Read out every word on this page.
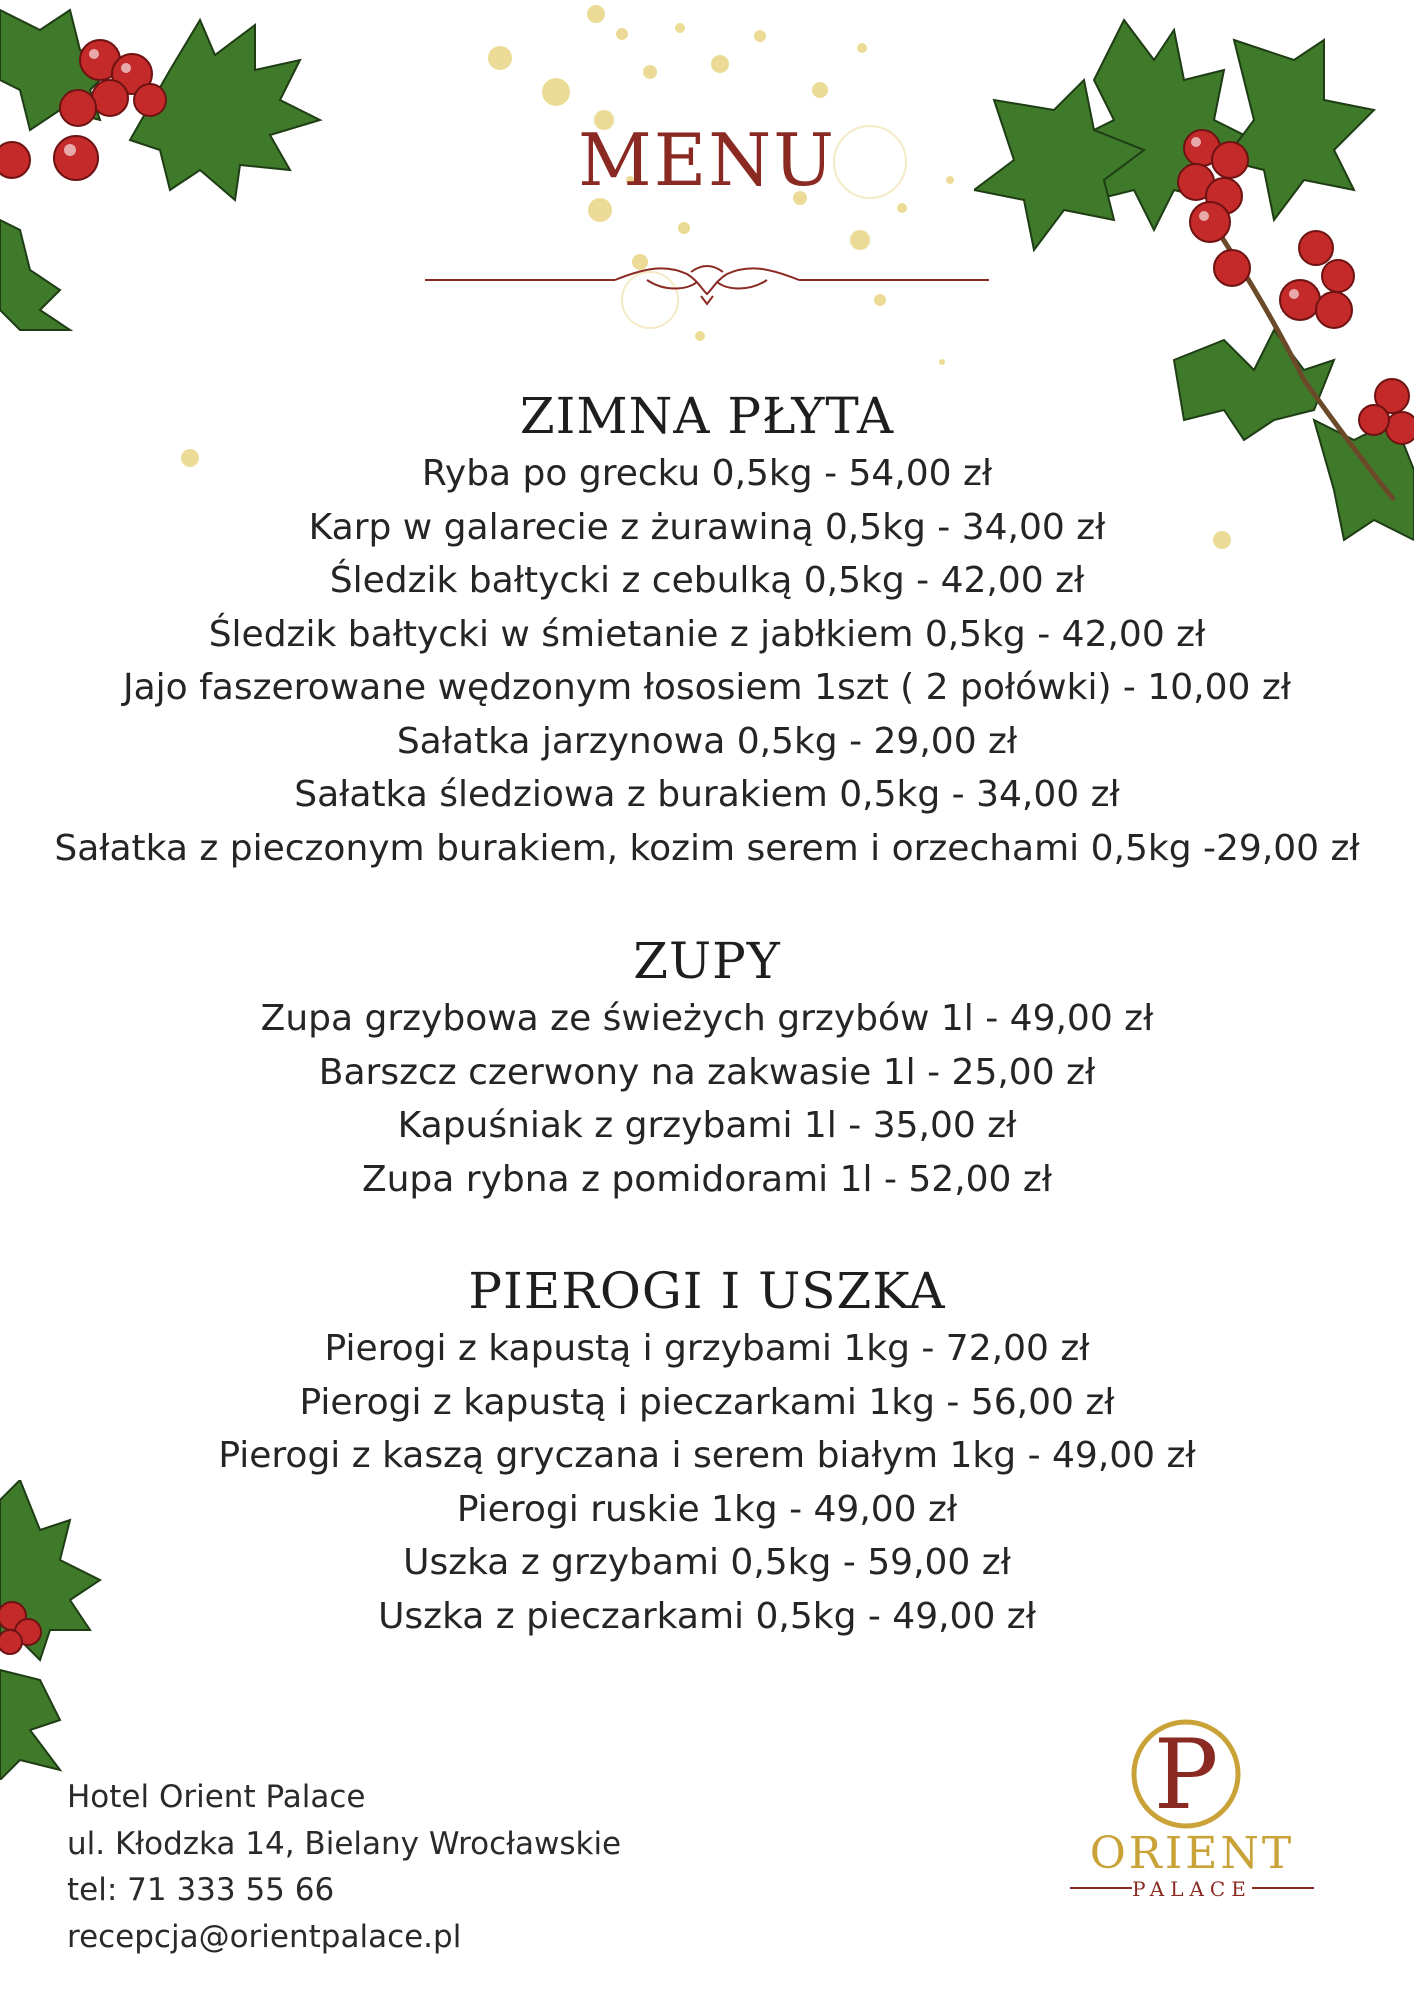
MENU
ZIMNA PŁYTA
Ryba po grecku 0,5kg - 54,00 zł
Karp w galarecie z żurawiną 0,5kg - 34,00 zł
Śledzik bałtycki z cebulką 0,5kg - 42,00 zł
Śledzik bałtycki w śmietanie z jabłkiem 0,5kg - 42,00 zł
Jajo faszerowane wędzonym łososiem 1szt ( 2 połówki) - 10,00 zł
Sałatka jarzynowa 0,5kg - 29,00 zł
Sałatka śledziowa z burakiem 0,5kg - 34,00 zł
Sałatka z pieczonym burakiem, kozim serem i orzechami 0,5kg -29,00 zł
ZUPY
Zupa grzybowa ze świeżych grzybów 1l - 49,00 zł
Barszcz czerwony na zakwasie 1l - 25,00 zł
Kapuśniak z grzybami 1l - 35,00 zł
Zupa rybna z pomidorami 1l - 52,00 zł
PIEROGI I USZKA
Pierogi z kapustą i grzybami 1kg - 72,00 zł
Pierogi z kapustą i pieczarkami 1kg - 56,00 zł
Pierogi z kaszą gryczana i serem białym 1kg - 49,00 zł
Pierogi ruskie 1kg - 49,00 zł
Uszka z grzybami 0,5kg - 59,00 zł
Uszka z pieczarkami 0,5kg - 49,00 zł
Hotel Orient Palace
ul. Kłodzka 14, Bielany Wrocławskie
tel: 71 333 55 66
recepcja@orientpalace.pl
P
ORIENT
PALACE
